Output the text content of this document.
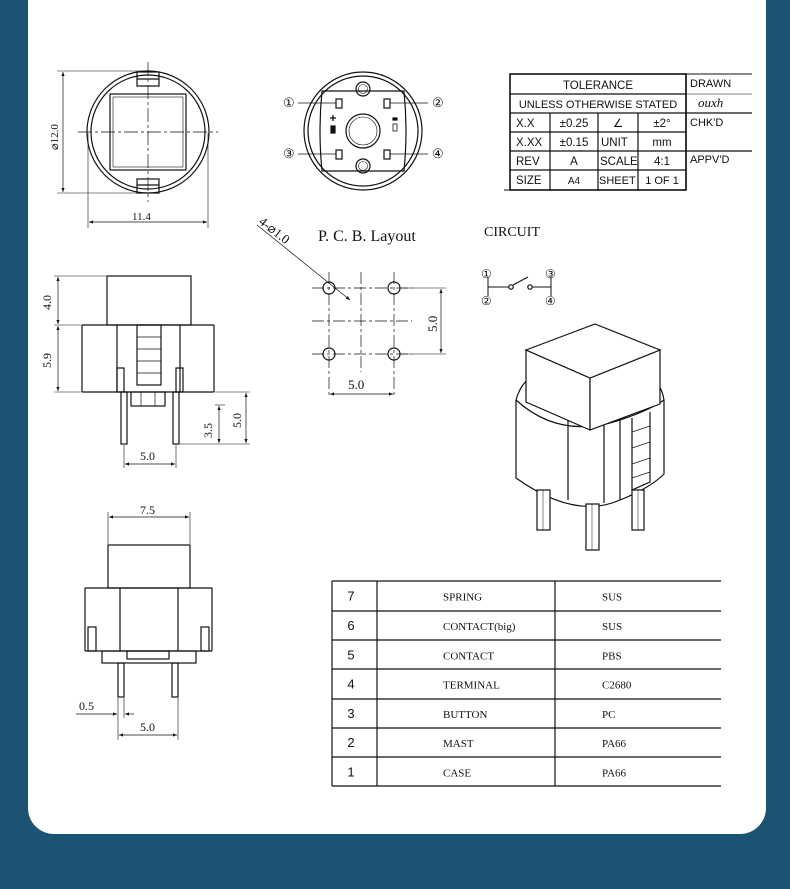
⌀12.0
11.4
①	②
③	④
TOLERANCE
UNLESS OTHERWISE STATED
X.X ±0.25 ∠	±2°
X.XX ±0.15 UNIT mm
REV	A SCALE 4:1
SIZE	A4 SHEET 1 OF 1
DRAWN
ouxh
CHK'D
APPV'D
P. C. B. Layout
4-⌀1.0
5.0
5.0
CIRCUIT
①	③
②	④
4.0
5.9
3.5
5.0
5.0
7.5
0.5
5.0
7	SPRING	SUS
6	CONTACT(big)	SUS
5	CONTACT	PBS
4	TERMINAL	C2680
3	BUTTON	PC
2	MAST	PA66
1	CASE	PA66
